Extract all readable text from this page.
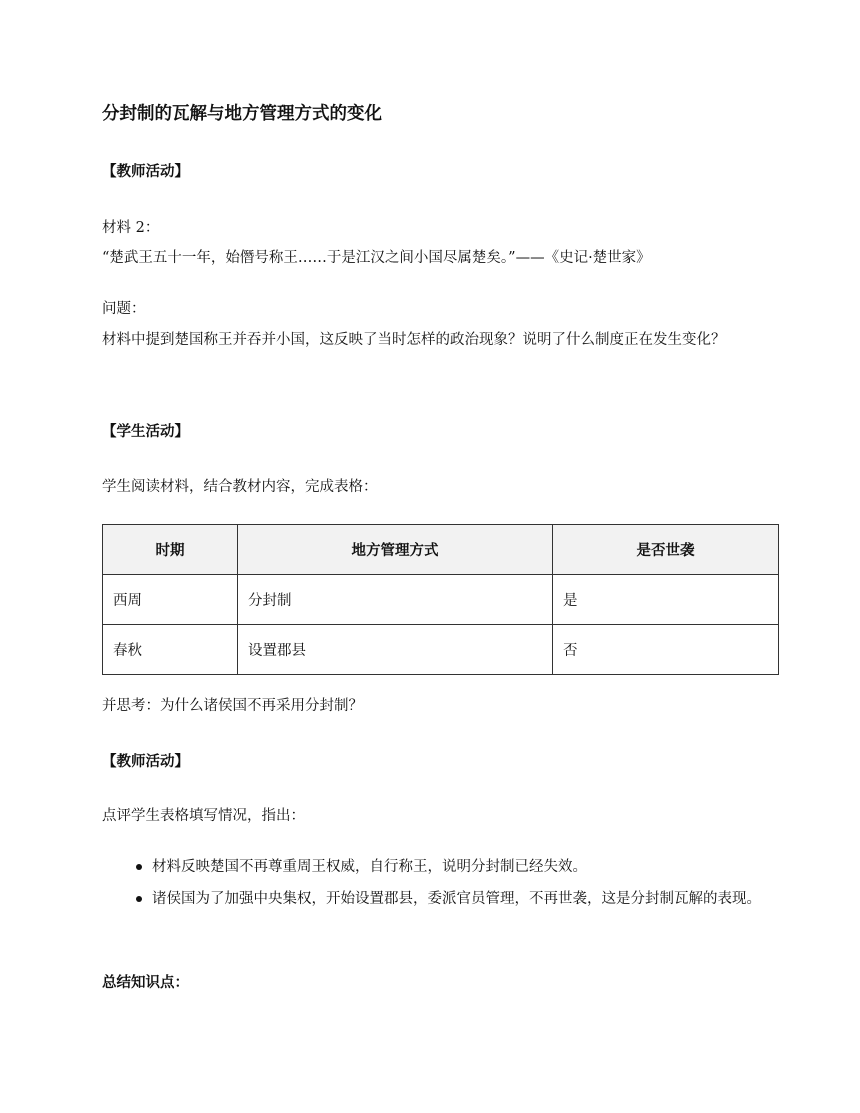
分封制的瓦解与地方管理方式的变化
【教师活动】
材料 2：
“楚武王五十一年，始僭号称王……于是江汉之间小国尽属楚矣。”——《史记·楚世家》
问题：
材料中提到楚国称王并吞并小国，这反映了当时怎样的政治现象？说明了什么制度正在发生变化？
【学生活动】
学生阅读材料，结合教材内容，完成表格：
时期	地方管理方式	是否世袭
西周	分封制	是
春秋	设置郡县	否
并思考：为什么诸侯国不再采用分封制？
【教师活动】
点评学生表格填写情况，指出：
材料反映楚国不再尊重周王权威，自行称王，说明分封制已经失效。
诸侯国为了加强中央集权，开始设置郡县，委派官员管理，不再世袭，这是分封制瓦解的表现。
总结知识点：
